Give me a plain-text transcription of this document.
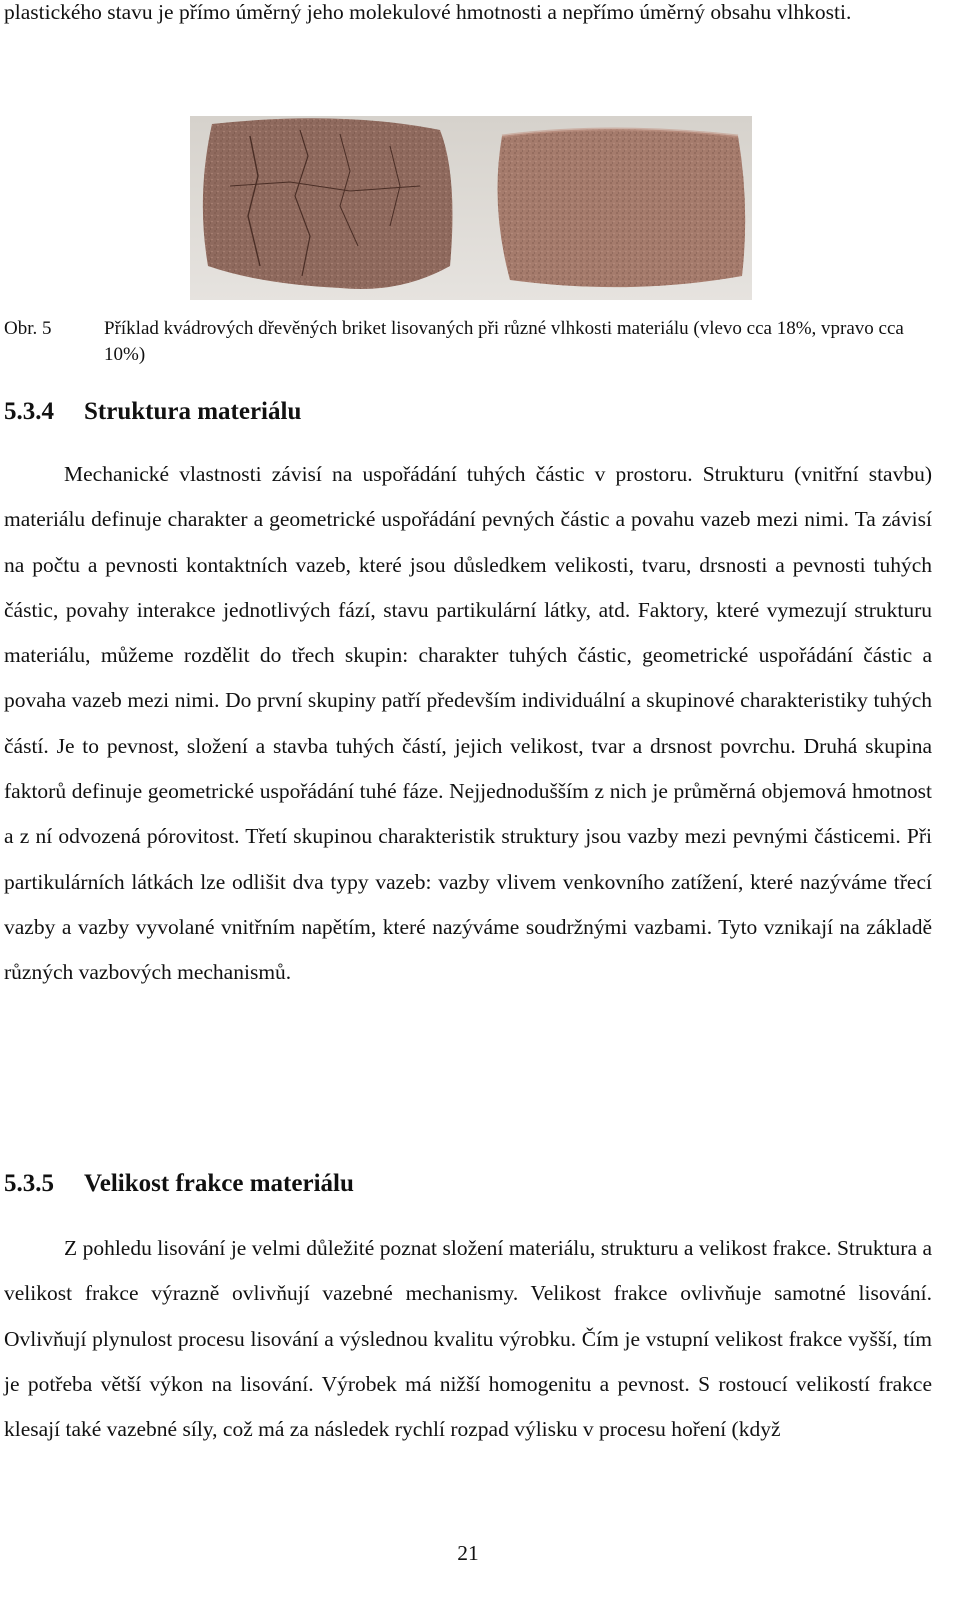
plastického stavu je přímo úměrný jeho molekulové hmotnosti a nepřímo úměrný obsahu vlhkosti.

Obr. 5	Příklad kvádrových dřevěných briket lisovaných při různé vlhkosti materiálu (vlevo cca 18%, vpravo cca 10%)
5.3.4 Struktura materiálu

Mechanické vlastnosti závisí na uspořádání tuhých částic v prostoru. Strukturu (vnitřní stavbu) materiálu definuje charakter a geometrické uspořádání pevných částic a povahu vazeb mezi nimi. Ta závisí na počtu a pevnosti kontaktních vazeb, které jsou důsledkem velikosti, tvaru, drsnosti a pevnosti tuhých částic, povahy interakce jednotlivých fází, stavu partikulární látky, atd. Faktory, které vymezují strukturu materiálu, můžeme rozdělit do třech skupin: charakter tuhých částic, geometrické uspořádání částic a povaha vazeb mezi nimi. Do první skupiny patří především individuální a skupinové charakteristiky tuhých částí. Je to pevnost, složení a stavba tuhých částí, jejich velikost, tvar a drsnost povrchu. Druhá skupina faktorů definuje geometrické uspořádání tuhé fáze. Nejjednodušším z nich je průměrná objemová hmotnost a z ní odvozená pórovitost. Třetí skupinou charakteristik struktury jsou vazby mezi pevnými částicemi. Při partikulárních látkách lze odlišit dva typy vazeb: vazby vlivem venkovního zatížení, které nazýváme třecí vazby a vazby vyvolané vnitřním napětím, které nazýváme soudržnými vazbami. Tyto vznikají na základě různých vazbových mechanismů.

5.3.5 Velikost frakce materiálu

Z pohledu lisování je velmi důležité poznat složení materiálu, strukturu a velikost frakce. Struktura a velikost frakce výrazně ovlivňují vazebné mechanismy. Velikost frakce ovlivňuje samotné lisování. Ovlivňují plynulost procesu lisování a výslednou kvalitu výrobku. Čím je vstupní velikost frakce vyšší, tím je potřeba větší výkon na lisování. Výrobek má nižší homogenitu a pevnost. S rostoucí velikostí frakce klesají také vazebné síly, což má za následek rychlí rozpad výlisku v procesu hoření (když

21
